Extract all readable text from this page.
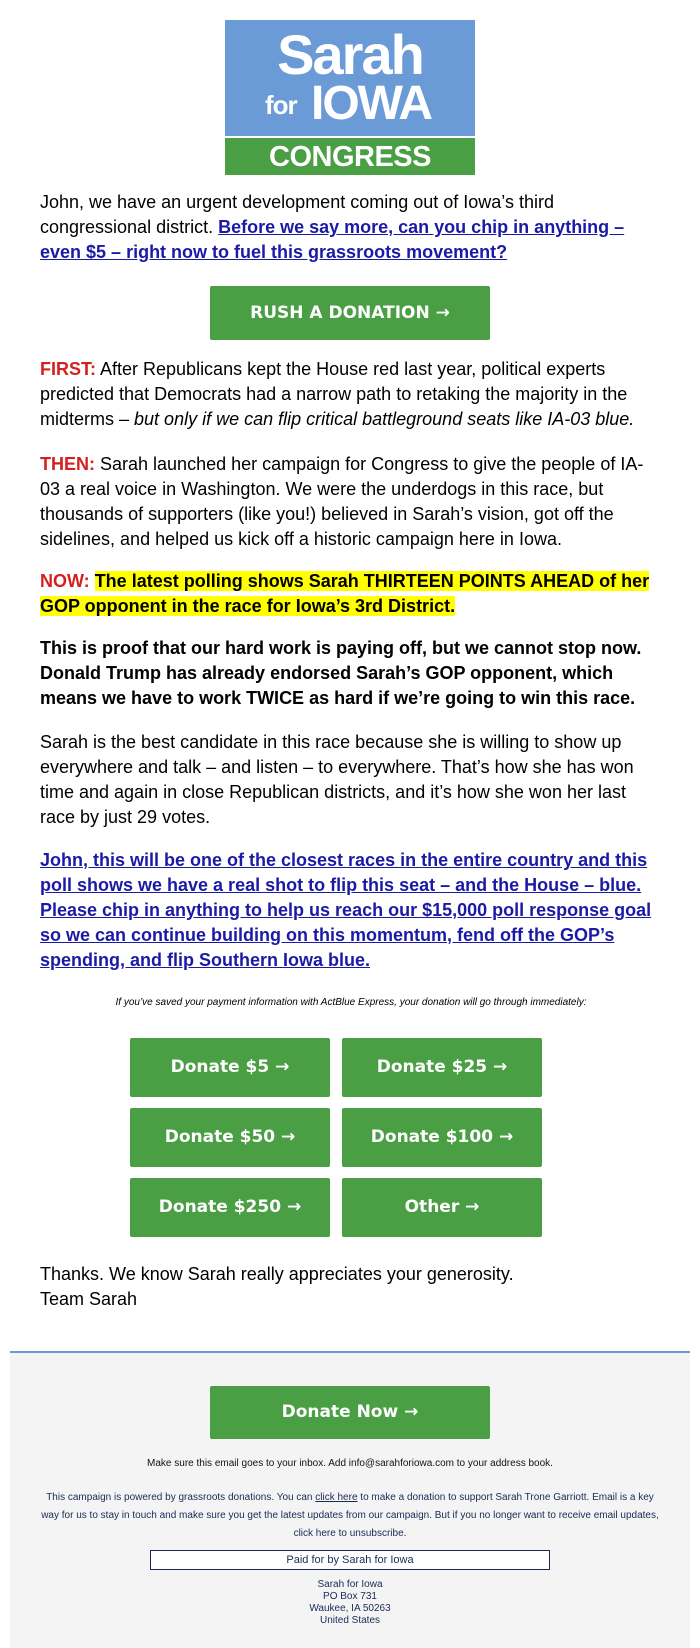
Sarah
for IOWA
CONGRESS

John, we have an urgent development coming out of Iowa’s third congressional district. Before we say more, can you chip in anything – even $5 – right now to fuel this grassroots movement?

RUSH A DONATION →
FIRST: After Republicans kept the House red last year, political experts predicted that Democrats had a narrow path to retaking the majority in the midterms – but only if we can flip critical battleground seats like IA-03 blue.
THEN: Sarah launched her campaign for Congress to give the people of IA-03 a real voice in Washington. We were the underdogs in this race, but thousands of supporters (like you!) believed in Sarah’s vision, got off the sidelines, and helped us kick off a historic campaign here in Iowa.
NOW: The latest polling shows Sarah THIRTEEN POINTS AHEAD of her GOP opponent in the race for Iowa’s 3rd District.
This is proof that our hard work is paying off, but we cannot stop now. Donald Trump has already endorsed Sarah’s GOP opponent, which means we have to work TWICE as hard if we’re going to win this race.
Sarah is the best candidate in this race because she is willing to show up everywhere and talk – and listen – to everywhere. That’s how she has won time and again in close Republican districts, and it’s how she won her last race by just 29 votes.
John, this will be one of the closest races in the entire country and this poll shows we have a real shot to flip this seat – and the House – blue. Please chip in anything to help us reach our $15,000 poll response goal so we can continue building on this momentum, fend off the GOP’s spending, and flip Southern Iowa blue.
If you’ve saved your payment information with ActBlue Express, your donation will go through immediately:
Donate $5 →	Donate $25 →
Donate $50 →	Donate $100 →
Donate $250 →	Other →
Thanks. We know Sarah really appreciates your generosity.
Team Sarah
Donate Now →
Make sure this email goes to your inbox. Add info@sarahforiowa.com to your address book.
This campaign is powered by grassroots donations. You can click here to make a donation to support Sarah Trone Garriott. Email is a key way for us to stay in touch and make sure you get the latest updates from our campaign. But if you no longer want to receive email updates, click here to unsubscribe.
Paid for by Sarah for Iowa
Sarah for Iowa
PO Box 731
Waukee, IA 50263
United States
